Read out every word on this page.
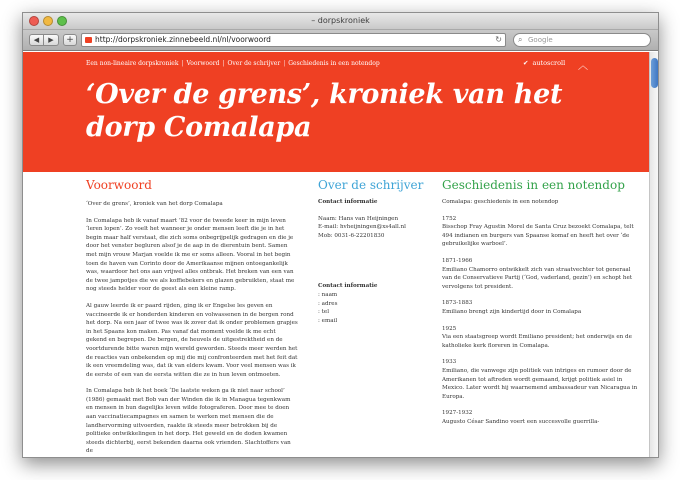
– dorpskroniek
◀	▶	+	http://dorpskroniek.zinnebeeld.nl/nl/voorwoord	↻ ⌕ Google
Een non-lineaire dorpskroniek | Voorwoord | Over de schrijver | Geschiedenis in een notendop	✔ autoscroll ︿
‘Over de grens’, kroniek van het dorp Comalapa
Voorwoord

‘Over de grens’, kroniek van het dorp Comalapa

In Comalapa heb ik vanaf maart ’82 voor de tweede keer in mijn leven ‘leren lopen’. Zo voelt het wanneer je onder mensen leeft die je in het begin maar half verstaat, die zich soms onbegrijpelijk gedragen en die je door het venster begluren alsof je de aap in de dierentuin bent. Samen met mijn vrouw Marjan voelde ik me er soms alleen. Vooral in het begin toen de haven van Corinto door de Amerikaanse mijnen ontoegankelijk was, waardoor het ons aan vrijwel alles ontbrak. Het breken van een van de twee jampotjes die we als koffiebekers en glazen gebruikten, staat me nog steeds helder voor de geest als een kleine ramp.

Al gauw leerde ik er paard rijden, ging ik er Engelse les geven en vaccineerde ik er honderden kinderen en volwassenen in de bergen rond het dorp. Na een jaar of twee was ik zover dat ik onder problemen grapjes in het Spaans kon maken. Pas vanaf dat moment voelde ik me echt gekend en begrepen. De bergen, de heuvels de uitgestrektheid en de voortdurende bitte waren mijn wereld geworden. Steeds meer werden het de reacties van onbekenden op mij die mij confronteerden met het feit dat ik een vreemdeling was, dat ik van elders kwam. Voor veel mensen was ik de eerste of een van de eersta witten die ze in hun leven ontmoeten.

In Comalapa heb ik het boek ‘De laatste weken ga ik niet naar school’ (1986) gemaakt met Bob van der Winden die ik in Managua tegenkwam en mensen in hun dagelijks leven wilde fotograferen. Door mee te doen aan vaccinatiecampagnes en samen te werken met mensen die de landhervorming uitvoerden, raakte ik steeds meer betrokken bij de politieke ontwikkelingen in het dorp. Het geweld en de doden kwamen steeds dichterbij, eerst bekenden daarna ook vrienden. Slachtoffers van de

Over de schrijver

Contact informatie

Naam: Hans van Heijningen
E-mail: hvheijningen@xs4all.nl
Mob: 0031-6-22201830

Contact informatie

: naam
: adres
: tel
: email

Geschiedenis in een notendop

Comalapa: geschiedenis in een notendop

1752
Bisschop Fray Agustin Morel de Santa Cruz bezoekt Comalapa, telt 494 indianen en burgers van Spaanse komaf en heeft het over ‘de gebruikelijke warboel’.
1871-1966
Emiliano Chamorro ontwikkelt zich van straatvechter tot generaal van de Conservatieve Partij (‘God, vaderland, gezin’) en schopt het vervolgens tot president.
1873-1883
Emiliano brengt zijn kindertijd door in Comalapa
1925
Via een staatsgreep wordt Emiliano president; het onderwijs en de katholieke kerk floreren in Comalapa.
1933
Emiliano, die vanwege zijn politiek van intriges en rumoer door de Amerikanen tot aftreden wordt gemaand, krijgt politiek asiel in Mexico. Later wordt hij waarnemend ambassadeur van Nicaragua in Europa.
1927-1932
Augusto César Sandino voert een succesvolle guerrilla-
